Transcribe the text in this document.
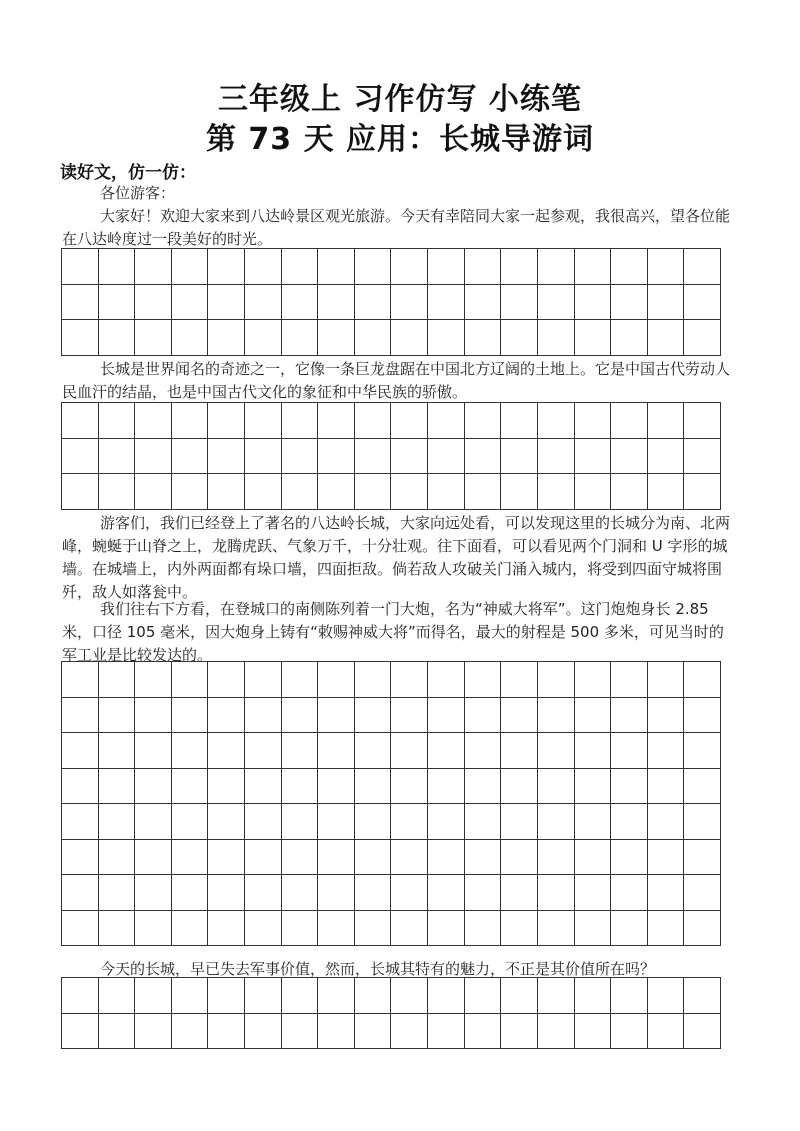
三年级上 习作仿写 小练笔
第 73 天 应用：长城导游词
读好文，仿一仿：

各位游客：

大家好！欢迎大家来到八达岭景区观光旅游。今天有幸陪同大家一起参观，我很高兴，望各位能在八达岭度过一段美好的时光。

长城是世界闻名的奇迹之一，它像一条巨龙盘踞在中国北方辽阔的土地上。它是中国古代劳动人民血汗的结晶，也是中国古代文化的象征和中华民族的骄傲。

游客们，我们已经登上了著名的八达岭长城，大家向远处看，可以发现这里的长城分为南、北两峰，蜿蜒于山脊之上，龙腾虎跃、气象万千，十分壮观。往下面看，可以看见两个门洞和 U 字形的城墙。在城墙上，内外两面都有垛口墙，四面拒敌。倘若敌人攻破关门涌入城内，将受到四面守城将围歼，敌人如落瓮中。

我们往右下方看，在登城口的南侧陈列着一门大炮，名为“神威大将军”。这门炮炮身长 2.85 米，口径 105 毫米，因大炮身上铸有“敕赐神威大将”而得名，最大的射程是 500 多米，可见当时的军工业是比较发达的。

今天的长城，早已失去军事价值，然而，长城其特有的魅力，不正是其价值所在吗？
